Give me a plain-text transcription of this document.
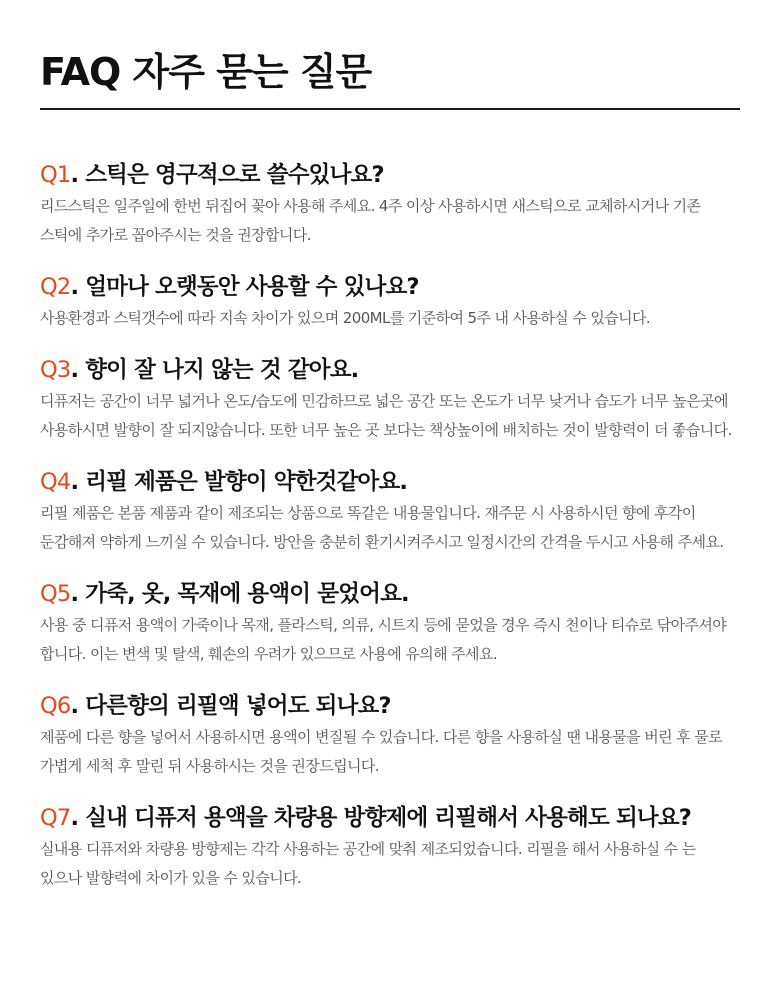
FAQ 자주 묻는 질문
Q1. 스틱은 영구적으로 쓸수있나요?
리드스틱은 일주일에 한번 뒤집어 꽂아 사용해 주세요. 4주 이상 사용하시면 새스틱으로 교체하시거나 기존 스틱에 추가로 꼽아주시는 것을 권장합니다.
Q2. 얼마나 오랫동안 사용할 수 있나요?
사용환경과 스틱갯수에 따라 지속 차이가 있으며 200ML를 기준하여 5주 내 사용하실 수 있습니다.
Q3. 향이 잘 나지 않는 것 같아요.
디퓨저는 공간이 너무 넓거나 온도/습도에 민감하므로 넓은 공간 또는 온도가 너무 낮거나 습도가 너무 높은곳에 사용하시면 발향이 잘 되지않습니다. 또한 너무 높은 곳 보다는 책상높이에 배치하는 것이 발향력이 더 좋습니다.
Q4. 리필 제품은 발향이 약한것같아요.
리필 제품은 본품 제품과 같이 제조되는 상품으로 똑같은 내용물입니다. 재주문 시 사용하시던 향에 후각이 둔감해져 약하게 느끼실 수 있습니다. 방안을 충분히 환기시켜주시고 일정시간의 간격을 두시고 사용해 주세요.
Q5. 가죽, 옷, 목재에 용액이 묻었어요.
사용 중 디퓨저 용액이 가죽이나 목재, 플라스틱, 의류, 시트지 등에 묻었을 경우 즉시 천이나 티슈로 닦아주셔야 합니다. 이는 변색 및 탈색, 훼손의 우려가 있으므로 사용에 유의해 주세요.
Q6. 다른향의 리필액 넣어도 되나요?
제품에 다른 향을 넣어서 사용하시면 용액이 변질될 수 있습니다. 다른 향을 사용하실 땐 내용물을 버린 후 물로 가볍게 세척 후 말린 뒤 사용하시는 것을 권장드립니다.
Q7. 실내 디퓨저 용액을 차량용 방향제에 리필해서 사용해도 되나요?
실내용 디퓨저와 차량용 방향제는 각각 사용하는 공간에 맞춰 제조되었습니다. 리필을 해서 사용하실 수 는 있으나 발향력에 차이가 있을 수 있습니다.
